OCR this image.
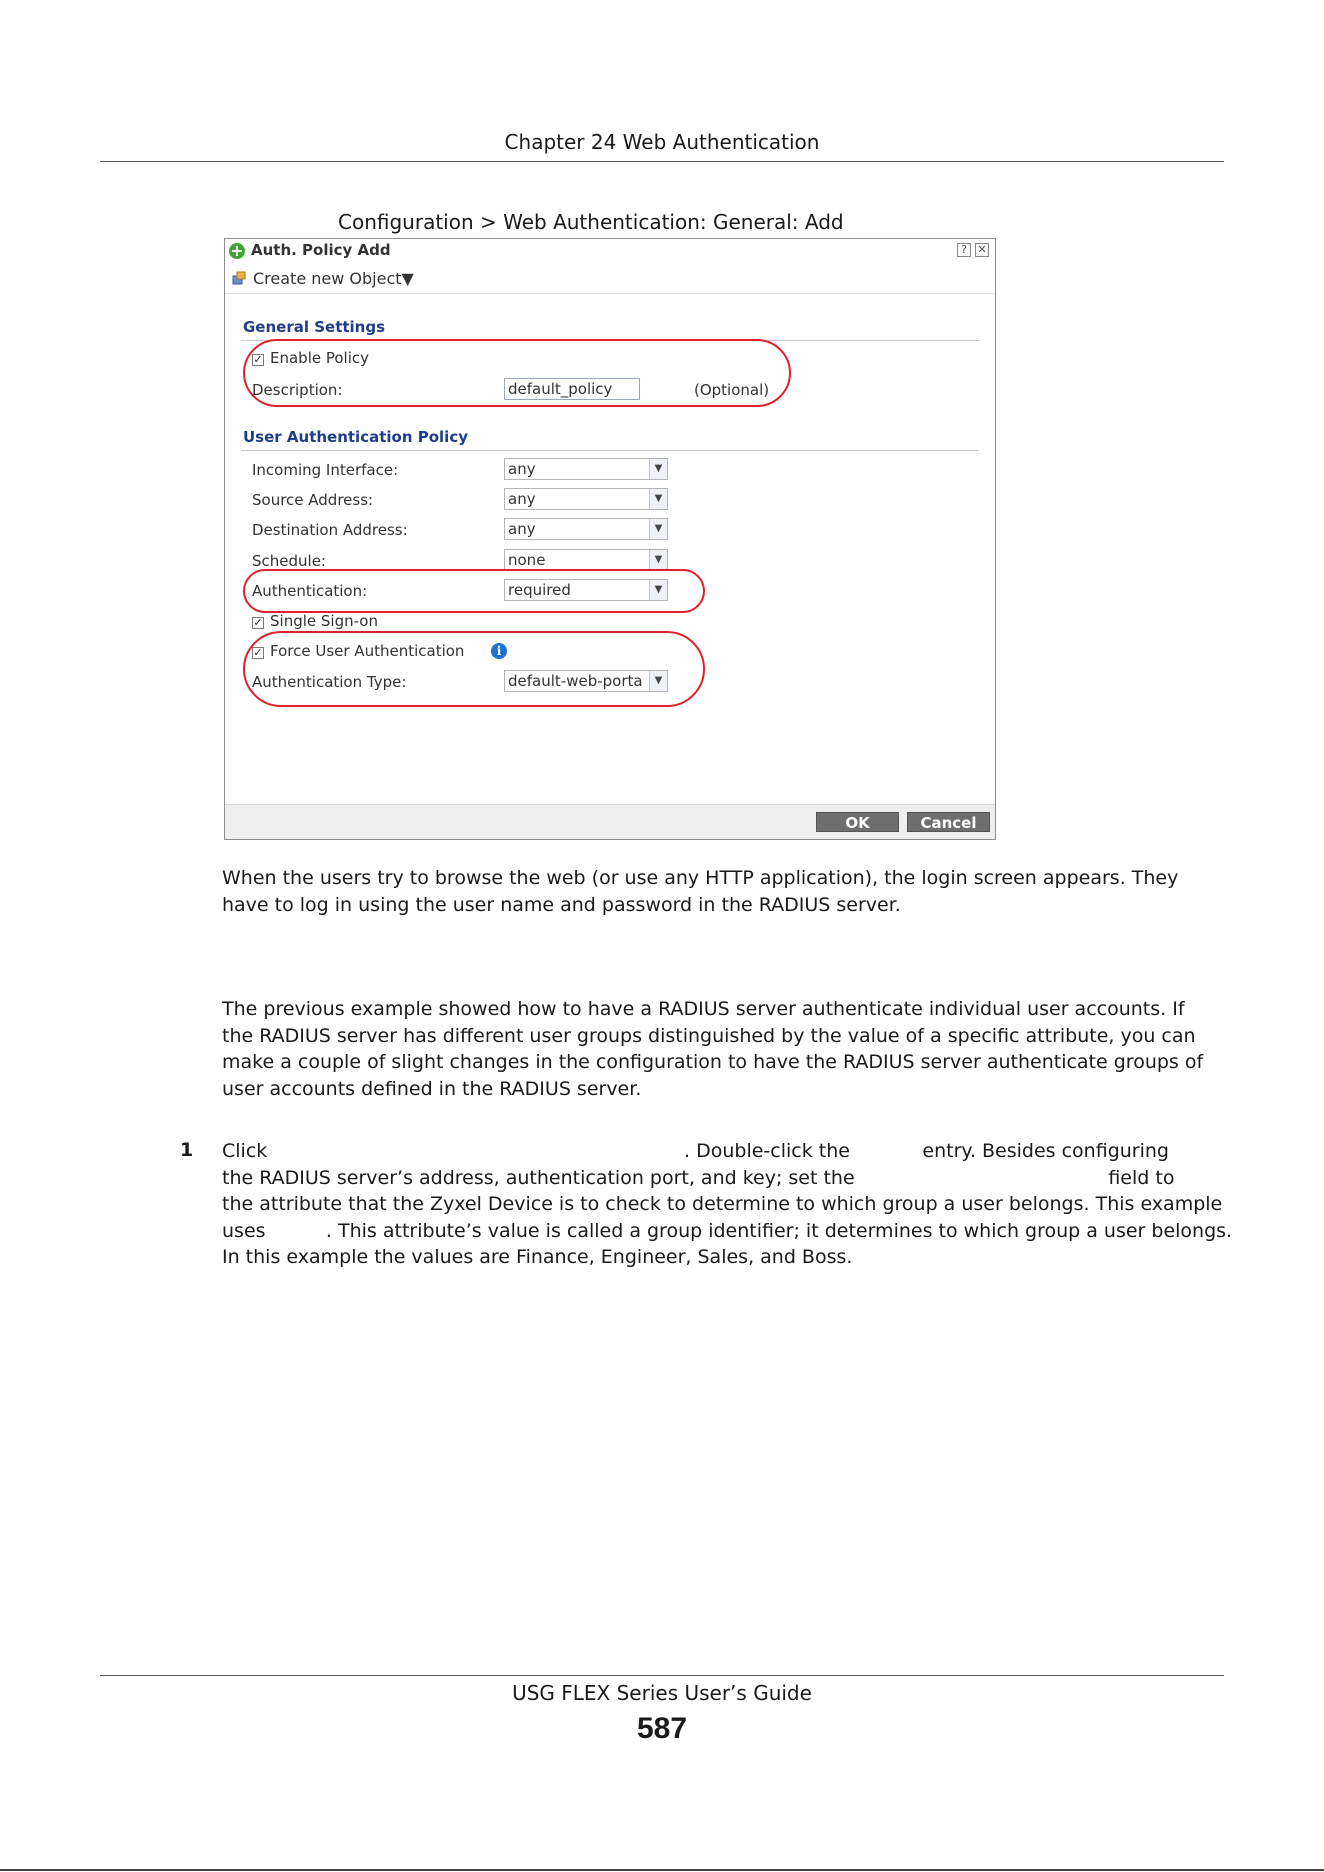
Chapter 24 Web Authentication
Configuration > Web Authentication: General: Add
+ Auth. Policy Add	? ✕
Create new Object▼
General Settings
✓ Enable Policy
Description:	default_policy	(Optional)
User Authentication Policy
Incoming Interface:	any	▼
Source Address:	any	▼
Destination Address:	any	▼
Schedule:	none	▼
Authentication:	required	▼
✓ Single Sign-on
✓ Force User Authentication	i
Authentication Type:	default-web-porta	▼
OK	Cancel
When the users try to browse the web (or use any HTTP application), the login screen appears. They
have to log in using the user name and password in the RADIUS server.
The previous example showed how to have a RADIUS server authenticate individual user accounts. If
the RADIUS server has different user groups distinguished by the value of a specific attribute, you can
make a couple of slight changes in the configuration to have the RADIUS server authenticate groups of
user accounts defined in the RADIUS server.
1 Click                                                                     . Double-click the            entry. Besides configuring
the RADIUS server’s address, authentication port, and key; set the                                          field to
the attribute that the Zyxel Device is to check to determine to which group a user belongs. This example
uses          . This attribute’s value is called a group identifier; it determines to which group a user belongs.
In this example the values are Finance, Engineer, Sales, and Boss.
USG FLEX Series User’s Guide
587
